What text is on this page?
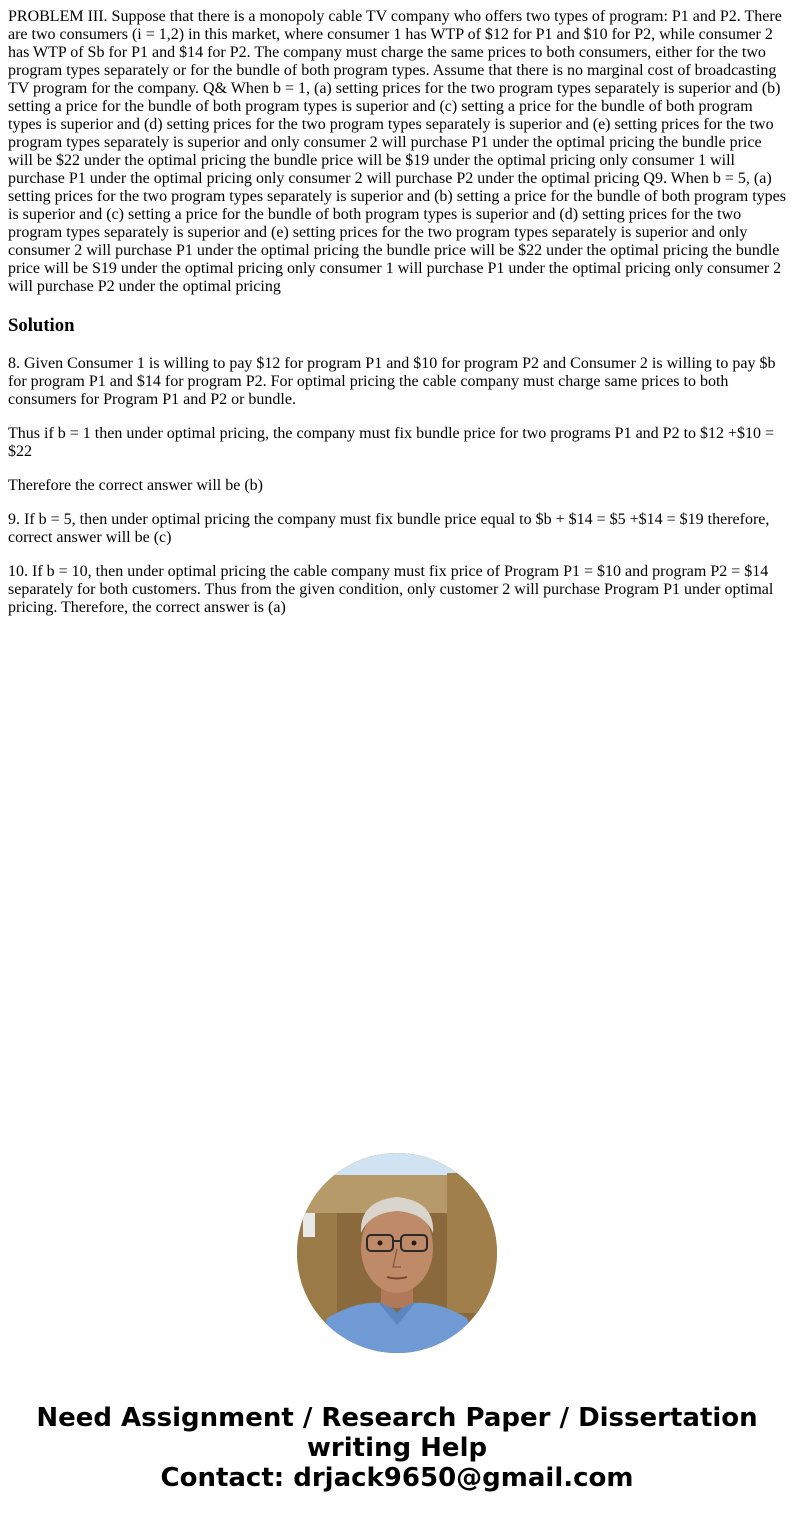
PROBLEM III. Suppose that there is a monopoly cable TV company who offers two types of program: P1 and P2. There are two consumers (i = 1,2) in this market, where consumer 1 has WTP of $12 for P1 and $10 for P2, while consumer 2 has WTP of Sb for P1 and $14 for P2. The company must charge the same prices to both consumers, either for the two program types separately or for the bundle of both program types. Assume that there is no marginal cost of broadcasting TV program for the company. Q& When b = 1, (a) setting prices for the two program types separately is superior and (b) setting a price for the bundle of both program types is superior and (c) setting a price for the bundle of both program types is superior and (d) setting prices for the two program types separately is superior and (e) setting prices for the two program types separately is superior and only consumer 2 will purchase P1 under the optimal pricing the bundle price will be $22 under the optimal pricing the bundle price will be $19 under the optimal pricing only consumer 1 will purchase P1 under the optimal pricing only consumer 2 will purchase P2 under the optimal pricing Q9. When b = 5, (a) setting prices for the two program types separately is superior and (b) setting a price for the bundle of both program types is superior and (c) setting a price for the bundle of both program types is superior and (d) setting prices for the two program types separately is superior and (e) setting prices for the two program types separately is superior and only consumer 2 will purchase P1 under the optimal pricing the bundle price will be $22 under the optimal pricing the bundle price will be S19 under the optimal pricing only consumer 1 will purchase P1 under the optimal pricing only consumer 2 will purchase P2 under the optimal pricing

Solution

8. Given Consumer 1 is willing to pay $12 for program P1 and $10 for program P2 and Consumer 2 is willing to pay $b for program P1 and $14 for program P2. For optimal pricing the cable company must charge same prices to both consumers for Program P1 and P2 or bundle.

Thus if b = 1 then under optimal pricing, the company must fix bundle price for two programs P1 and P2 to $12 +$10 = $22

Therefore the correct answer will be (b)

9. If b = 5, then under optimal pricing the company must fix bundle price equal to $b + $14 = $5 +$14 = $19 therefore, correct answer will be (c)

10. If b = 10, then under optimal pricing the cable company must fix price of Program P1 = $10 and program P2 = $14 separately for both customers. Thus from the given condition, only customer 2 will purchase Program P1 under optimal pricing. Therefore, the correct answer is (a)

Need Assignment / Research Paper / Dissertation
writing Help
Contact: drjack9650@gmail.com
